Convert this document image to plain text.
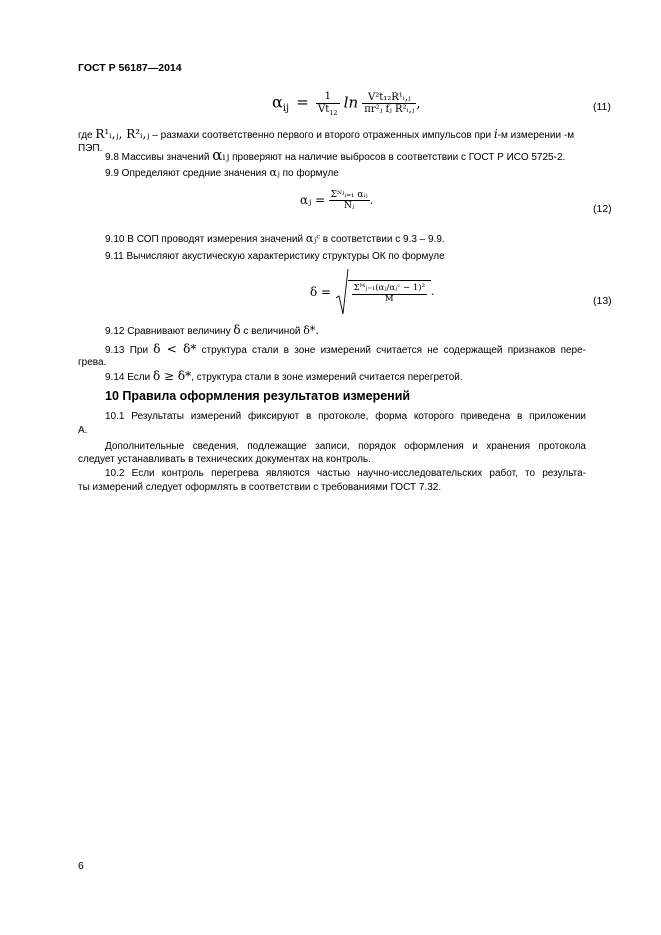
ГОСТ Р 56187—2014
$\alpha_{ij} = \frac{1}{Vt_{12}}$ $\ln \frac{\text{V²t₁₂R¹ᵢ,ⱼ}}{\text{πr²ⱼ fⱼ R²ᵢ,ⱼ}}$ ,	(11)
где R¹ᵢ,ⱼ, R²ᵢ,ⱼ – размахи соответственно первого и второго отраженных импульсов при i-м измерении -м ПЭП.
9.8 Массивы значений αᵢⱼ проверяют на наличие выбросов в соответствии с ГОСТ Р ИСО 5725-2.
9.9 Определяют средние значения αⱼ по формуле
αⱼ = $\frac{\text{Σᴺʲᵢ₌₁ αᵢⱼ}}{\text{Nⱼ}}$ .
(12)
9.10 В СОП проводят измерения значений αⱼᶜ в соответствии с 9.3 – 9.9.
9.11 Вычисляют акустическую характеристику структуры ОК по формуле
$\delta = \frac{\text{Σᴹⱼ₌₁(αⱼ/αⱼᶜ − 1)²}}{M}$ .
(13)
9.12 Сравнивают величину δ с величиной δ*.
9.13 При δ < δ* структура стали в зоне измерений считается не содержащей признаков пере-
грева.
9.14 Если δ ≥ δ*, структура стали в зоне измерений считается перегретой.
10 Правила оформления результатов измерений
10.1 Результаты измерений фиксируют в протоколе, форма которого приведена в приложении
А.
Дополнительные сведения, подлежащие записи, порядок оформления и хранения протокола
следует устанавливать в технических документах на контроль.
10.2 Если контроль перегрева являются частью научно-исследовательских работ, то результа-
ты измерений следует оформлять в соответствии с требованиями ГОСТ 7.32.
6
